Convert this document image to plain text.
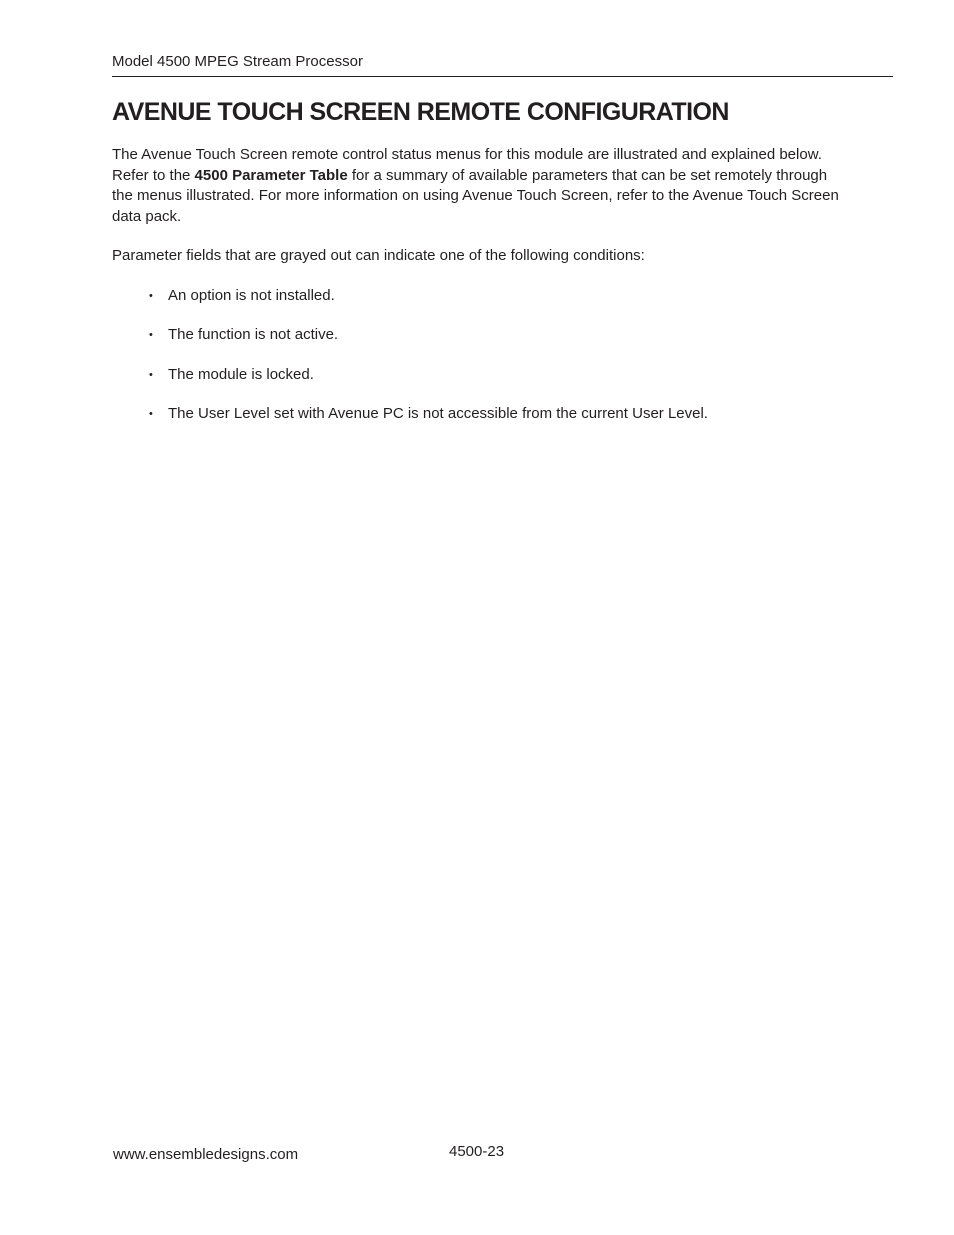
Model 4500 MPEG Stream Processor
AVENUE TOUCH SCREEN REMOTE CONFIGURATION

The Avenue Touch Screen remote control status menus for this module are illustrated and explained below. Refer to the 4500 Parameter Table for a summary of available parameters that can be set remotely through the menus illustrated. For more information on using Avenue Touch Screen, refer to the Avenue Touch Screen data pack.

Parameter fields that are grayed out can indicate one of the following conditions:

• An option is not installed.
• The function is not active.
• The module is locked.
• The User Level set with Avenue PC is not accessible from the current User Level.
www.ensembledesigns.com	4500-23
